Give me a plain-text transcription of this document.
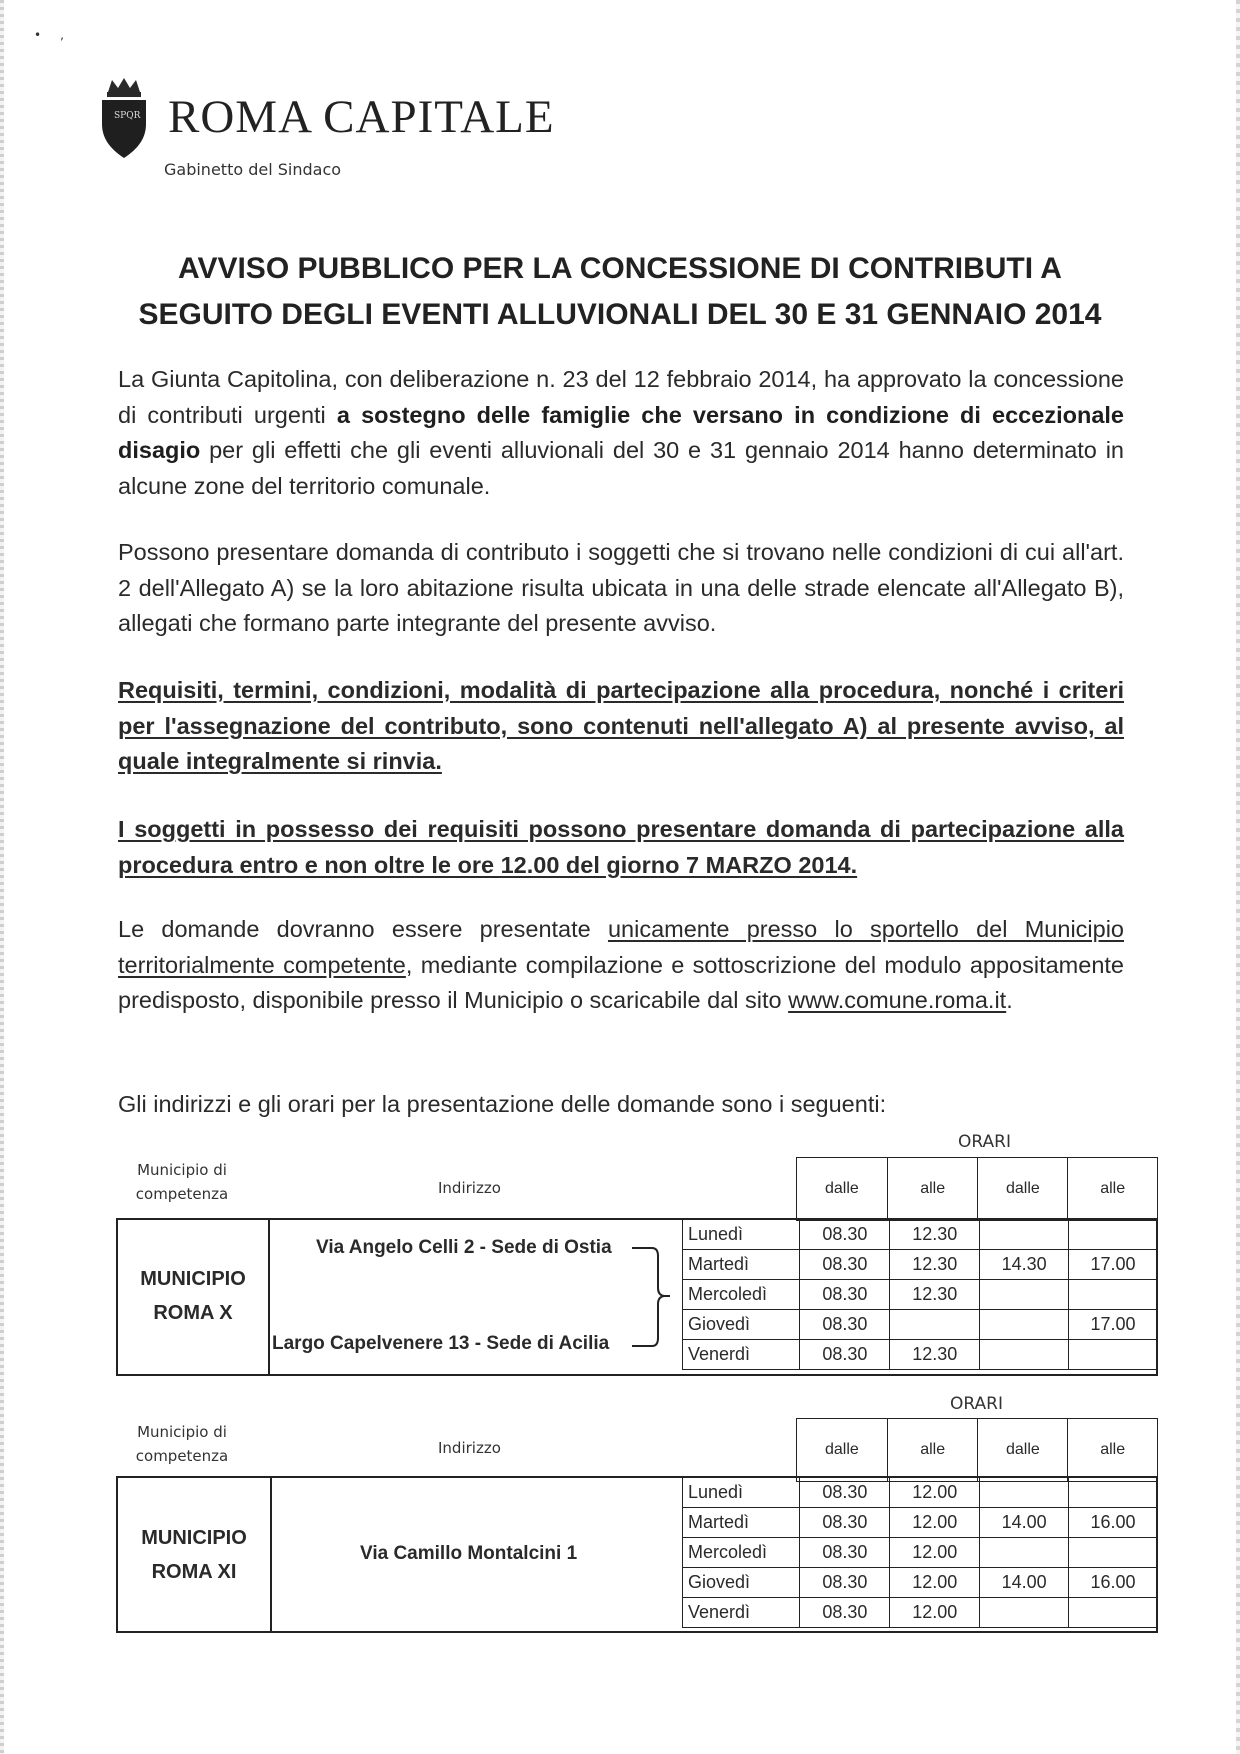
•     ,
SPQR ROMA CAPITALE
Gabinetto del Sindaco
AVVISO PUBBLICO PER LA CONCESSIONE DI CONTRIBUTI A
SEGUITO DEGLI EVENTI ALLUVIONALI DEL 30 E 31 GENNAIO 2014
La Giunta Capitolina, con deliberazione n. 23 del 12 febbraio 2014, ha approvato la concessione di contributi urgenti a sostegno delle famiglie che versano in condizione di eccezionale disagio per gli effetti che gli eventi alluvionali del 30 e 31 gennaio 2014 hanno determinato in alcune zone del territorio comunale.
Possono presentare domanda di contributo i soggetti che si trovano nelle condizioni di cui all'art. 2 dell'Allegato A) se la loro abitazione risulta ubicata in una delle strade elencate all'Allegato B), allegati che formano parte integrante del presente avviso.
Requisiti, termini, condizioni, modalità di partecipazione alla procedura, nonché i criteri per l'assegnazione del contributo, sono contenuti nell'allegato A) al presente avviso, al quale integralmente si rinvia.
I soggetti in possesso dei requisiti possono presentare domanda di partecipazione alla procedura entro e non oltre le ore 12.00 del giorno 7 MARZO 2014.
Le domande dovranno essere presentate unicamente presso lo sportello del Municipio territorialmente competente, mediante compilazione e sottoscrizione del modulo appositamente predisposto, disponibile presso il Municipio o scaricabile dal sito www.comune.roma.it.
Gli indirizzi e gli orari per la presentazione delle domande sono i seguenti:
ORARI
Municipio di competenza	Indirizzo	dalle	alle	dalle	alle
MUNICIPIO
ROMA X
Via Angelo Celli 2 - Sede di Ostia
Largo Capelvenere 13 - Sede di Acilia
Lunedì	08.30	12.30		
Martedì	08.30	12.30	14.30	17.00
Mercoledì	08.30	12.30		
Giovedì	08.30			17.00
Venerdì	08.30	12.30		
ORARI
Municipio di competenza	Indirizzo	dalle	alle	dalle	alle
MUNICIPIO
ROMA XI
Via Camillo Montalcini 1
Lunedì	08.30	12.00		
Martedì	08.30	12.00	14.00	16.00
Mercoledì	08.30	12.00		
Giovedì	08.30	12.00	14.00	16.00
Venerdì	08.30	12.00		
